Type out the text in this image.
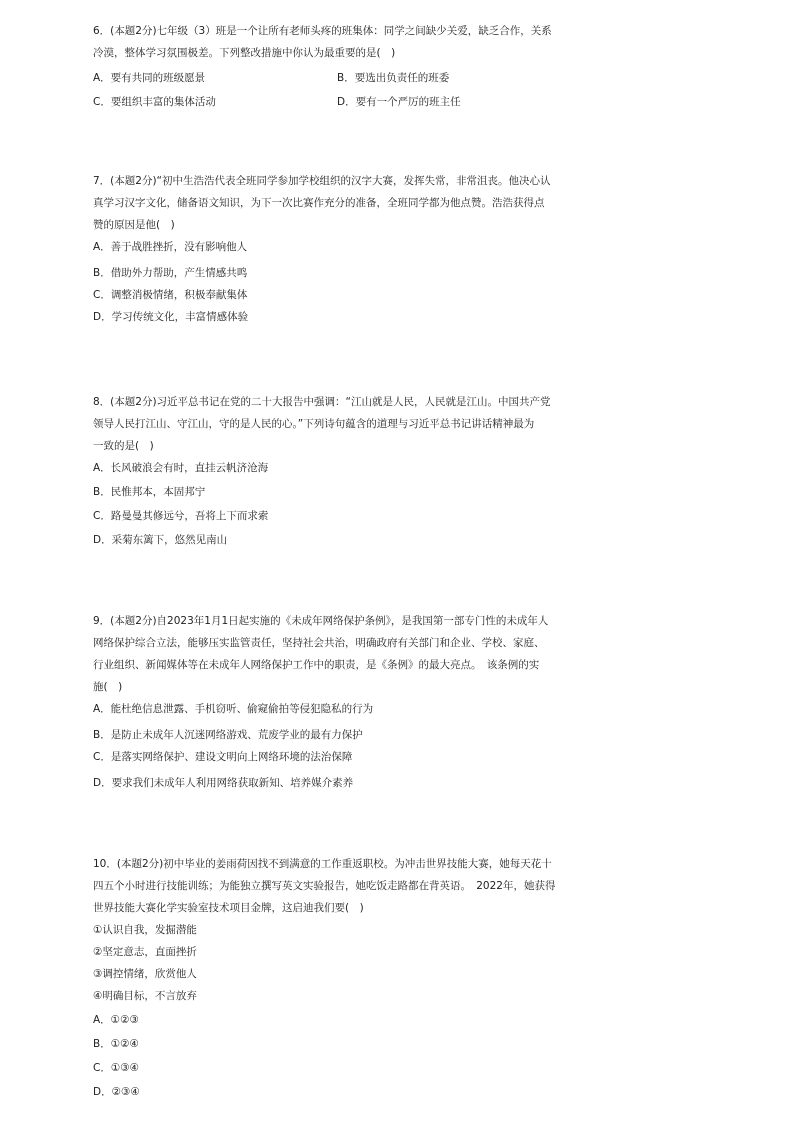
6．(本题2分)七年级（3）班是一个让所有老师头疼的班集体：同学之间缺少关爱，缺乏合作，关系

冷漠，整体学习氛围极差。下列整改措施中你认为最重要的是(　)

A．要有共同的班级愿景	B．要选出负责任的班委

C．要组织丰富的集体活动	D．要有一个严厉的班主任

7．(本题2分)“初中生浩浩代表全班同学参加学校组织的汉字大赛，发挥失常，非常沮丧。他决心认

真学习汉字文化，储备语文知识，为下一次比赛作充分的准备，全班同学都为他点赞。浩浩获得点

赞的原因是他(　)

A．善于战胜挫折，没有影响他人

B．借助外力帮助，产生情感共鸣

C．调整消极情绪，积极奉献集体

D．学习传统文化，丰富情感体验

8．(本题2分)习近平总书记在党的二十大报告中强调：“江山就是人民，人民就是江山。中国共产党

领导人民打江山、守江山，守的是人民的心。”下列诗句蕴含的道理与习近平总书记讲话精神最为

一致的是(　)

A．长风破浪会有时，直挂云帆济沧海

B．民惟邦本，本固邦宁

C．路曼曼其修远兮，吾将上下而求索

D．采菊东篱下，悠然见南山

9．(本题2分)自2023年1月1日起实施的《未成年网络保护条例》，是我国第一部专门性的未成年人

网络保护综合立法，能够压实监管责任，坚持社会共治，明确政府有关部门和企业、学校、家庭、

行业组织、新闻媒体等在未成年人网络保护工作中的职责，是《条例》的最大亮点。　该条例的实

施(　)

A．能杜绝信息泄露、手机窃听、偷窥偷拍等侵犯隐私的行为

B．是防止未成年人沉迷网络游戏、荒废学业的最有力保护

C．是落实网络保护、建设文明向上网络环境的法治保障

D．要求我们未成年人利用网络获取新知、培养媒介素养

10．(本题2分)初中毕业的姜雨荷因找不到满意的工作重返职校。为冲击世界技能大赛，她每天花十

四五个小时进行技能训练；为能独立撰写英文实验报告，她吃饭走路都在背英语。　2022年，她获得

世界技能大赛化学实验室技术项目金牌，这启迪我们要(　)

①认识自我，发掘潜能

②坚定意志，直面挫折

③调控情绪，欣赏他人

④明确目标，不言放弃

A．①②③

B．①②④

C．①③④

D．②③④
